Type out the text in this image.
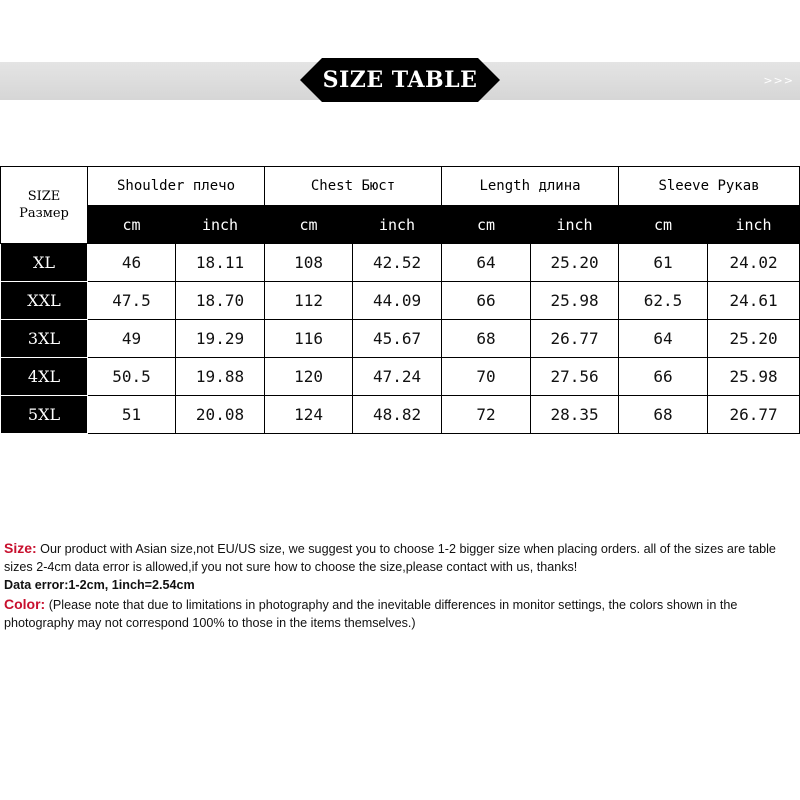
>>>
SIZE TABLE
SIZE
Размер	Shoulder плечо		Chest Бюст		Length длина		Sleeve Рукав	
	cm	inch	cm	inch	cm	inch	cm	inch
XL	46	18.11	108	42.52	64	25.20	61	24.02
XXL	47.5	18.70	112	44.09	66	25.98	62.5	24.61
3XL	49	19.29	116	45.67	68	26.77	64	25.20
4XL	50.5	19.88	120	47.24	70	27.56	66	25.98
5XL	51	20.08	124	48.82	72	28.35	68	26.77

Size: Our product with Asian size,not EU/US size, we suggest you to choose 1-2 bigger size when placing orders. all of the sizes are table sizes 2-4cm data error is allowed,if you not sure how to choose the size,please contact with us, thanks!

Data error:1-2cm, 1inch=2.54cm

Color: (Please note that due to limitations in photography and the inevitable differences in monitor settings, the colors shown in the photography may not correspond 100% to those in the items themselves.)
